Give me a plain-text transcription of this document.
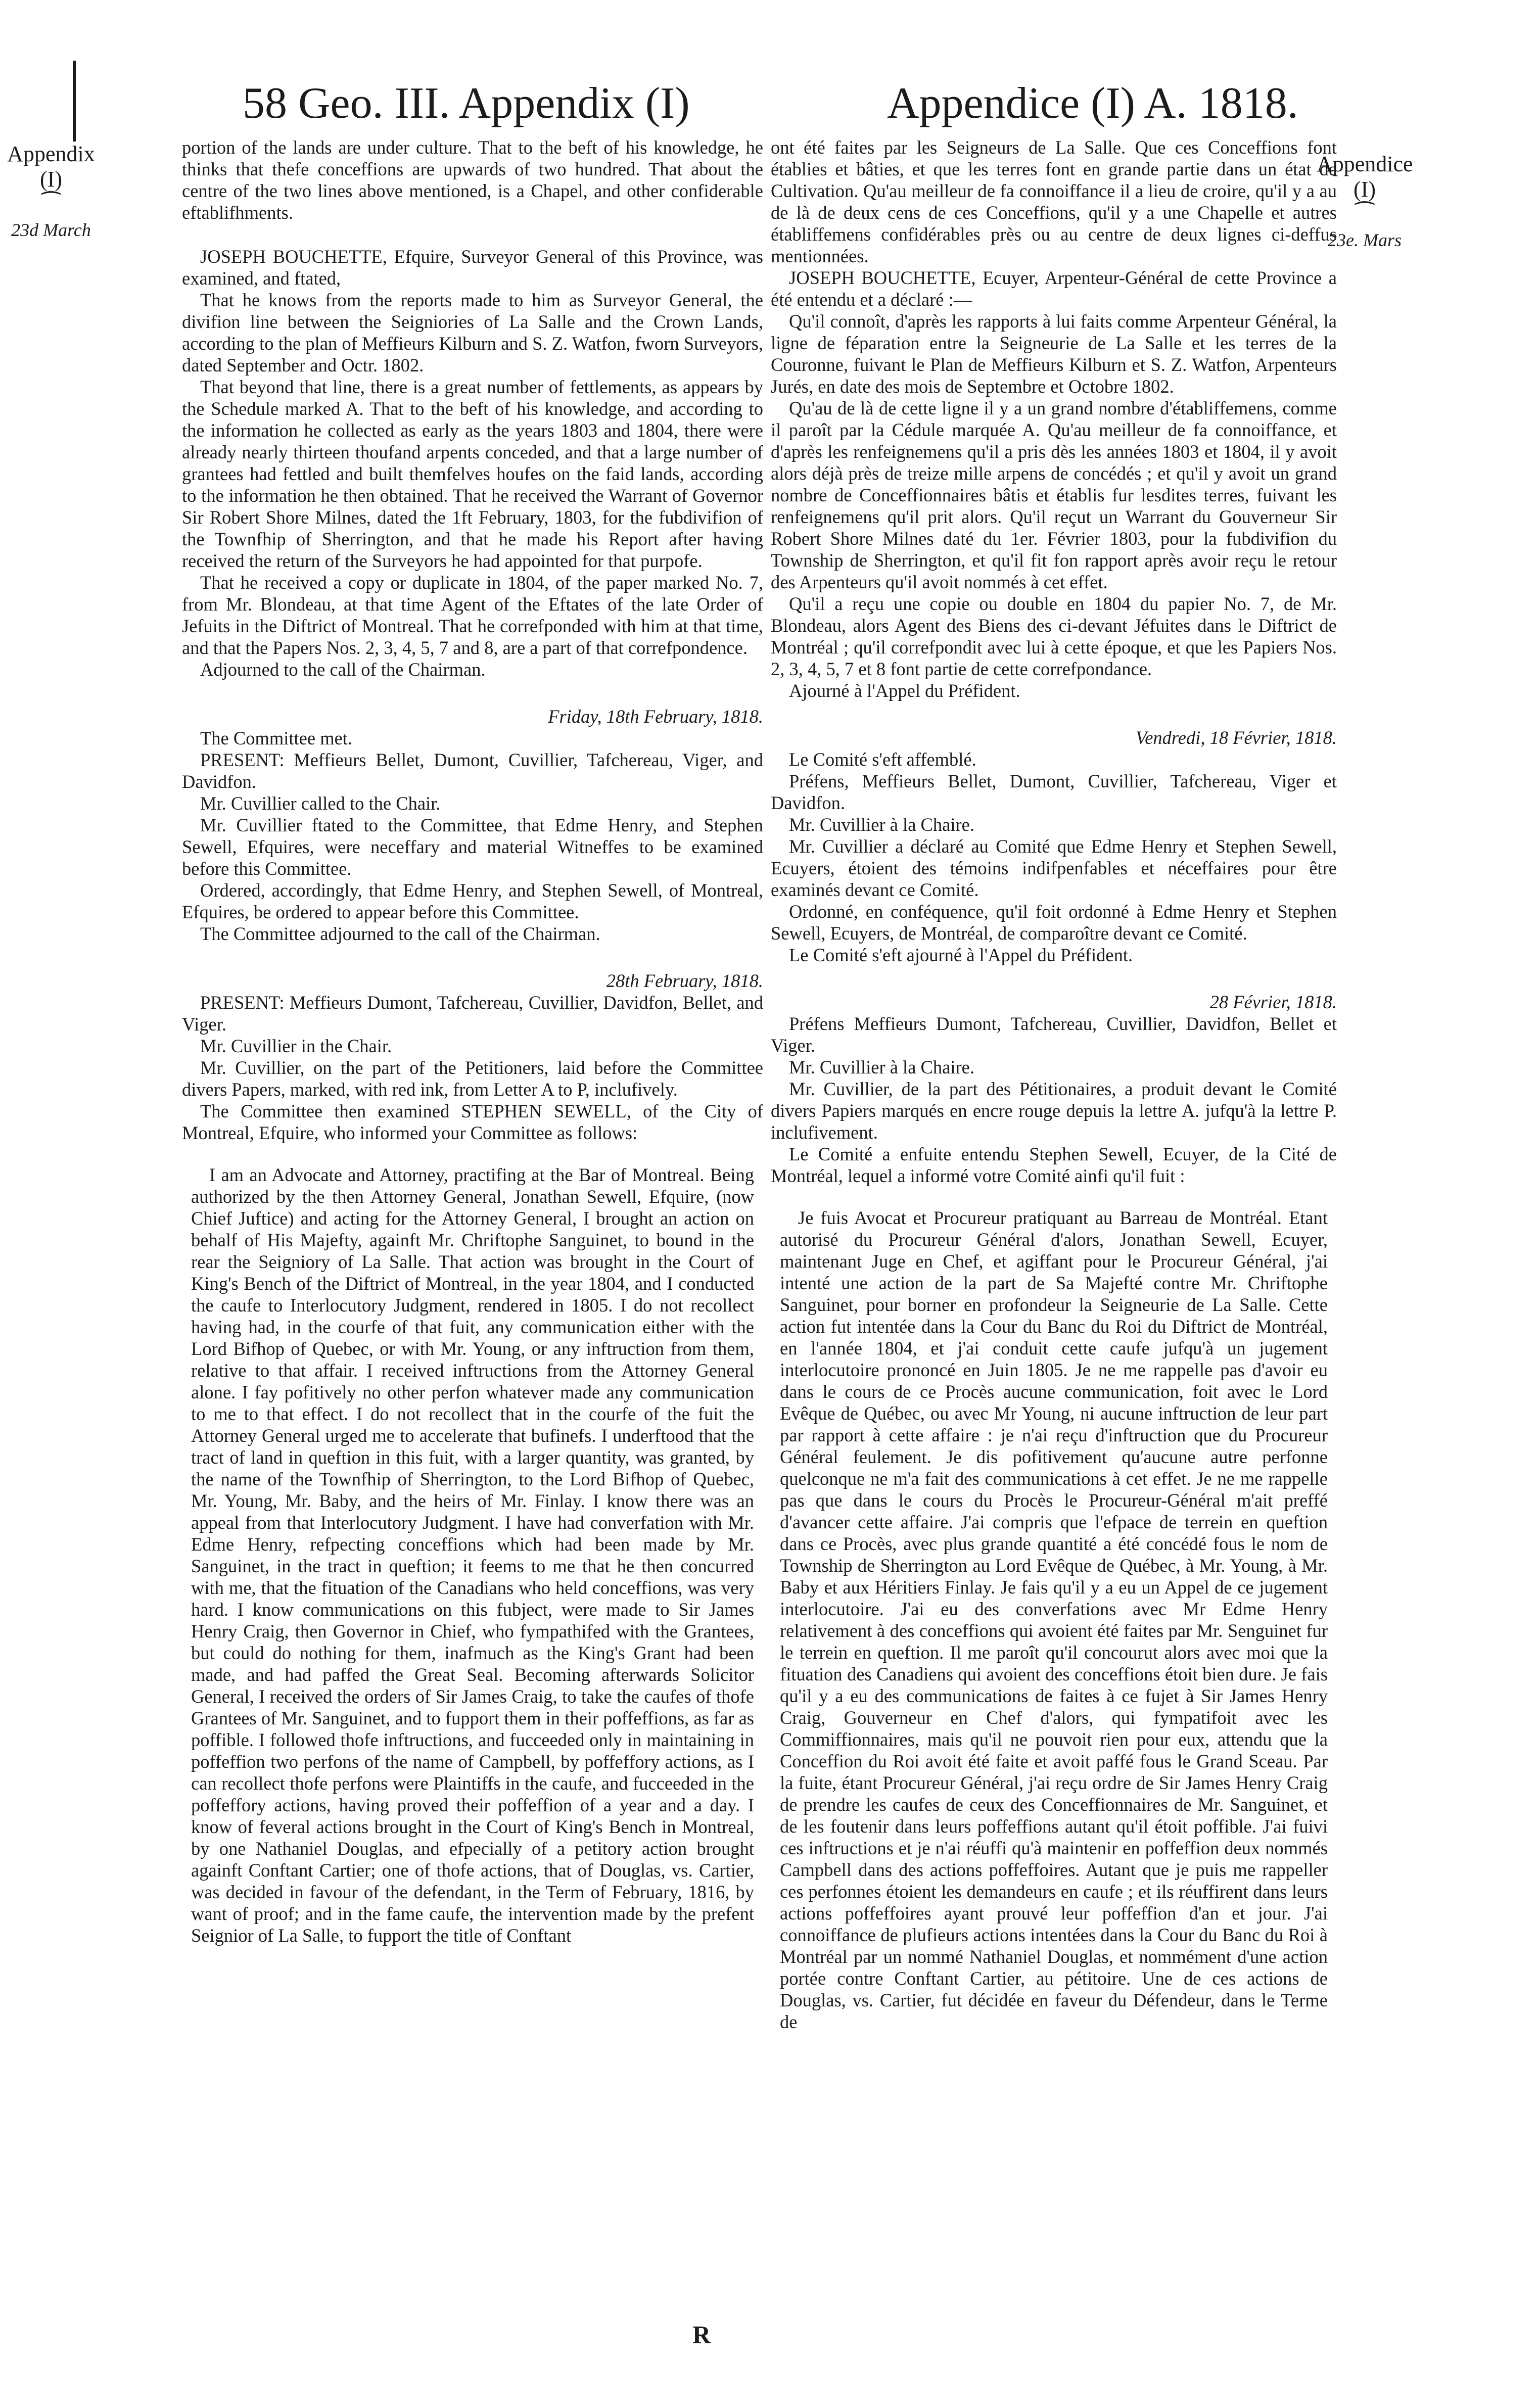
58 Geo. III. Appendix (I)	Appendice (I) A. 1818.
Appendix
(I)
⁀
23d March
Appendice
(I)
⁀
23e. Mars

portion of the lands are under culture. That to the beft of his knowledge, he thinks that thefe conceffions are upwards of two hundred. That about the centre of the two lines above mentioned, is a Chapel, and other confiderable eftablifhments.

JOSEPH BOUCHETTE, Efquire, Surveyor General of this Province, was examined, and ftated,

That he knows from the reports made to him as Surveyor General, the divifion line between the Seigniories of La Salle and the Crown Lands, according to the plan of Meffieurs Kilburn and S. Z. Watfon, fworn Surveyors, dated September and Octr. 1802.

That beyond that line, there is a great number of fettlements, as appears by the Schedule marked A. That to the beft of his knowledge, and according to the information he collected as early as the years 1803 and 1804, there were already nearly thirteen thoufand arpents conceded, and that a large number of grantees had fettled and built themfelves houfes on the faid lands, according to the information he then obtained. That he received the Warrant of Governor Sir Robert Shore Milnes, dated the 1ft February, 1803, for the fubdivifion of the Townfhip of Sherrington, and that he made his Report after having received the return of the Surveyors he had appointed for that purpofe.

That he received a copy or duplicate in 1804, of the paper marked No. 7, from Mr. Blondeau, at that time Agent of the Eftates of the late Order of Jefuits in the Diftrict of Montreal. That he correfponded with him at that time, and that the Papers Nos. 2, 3, 4, 5, 7 and 8, are a part of that correfpondence.

Adjourned to the call of the Chairman.

Friday, 18th February, 1818.

The Committee met.

PRESENT: Meffieurs Bellet, Dumont, Cuvillier, Tafchereau, Viger, and Davidfon.

Mr. Cuvillier called to the Chair.

Mr. Cuvillier ftated to the Committee, that Edme Henry, and Stephen Sewell, Efquires, were neceffary and material Witneffes to be examined before this Committee.

Ordered, accordingly, that Edme Henry, and Stephen Sewell, of Montreal, Efquires, be ordered to appear before this Committee.

The Committee adjourned to the call of the Chairman.

28th February, 1818.

PRESENT: Meffieurs Dumont, Tafchereau, Cuvillier, Davidfon, Bellet, and Viger.

Mr. Cuvillier in the Chair.

Mr. Cuvillier, on the part of the Petitioners, laid before the Committee divers Papers, marked, with red ink, from Letter A to P, inclufively.

The Committee then examined STEPHEN SEWELL, of the City of Montreal, Efquire, who informed your Committee as follows:

I am an Advocate and Attorney, practifing at the Bar of Montreal. Being authorized by the then Attorney General, Jonathan Sewell, Efquire, (now Chief Juftice) and acting for the Attorney General, I brought an action on behalf of His Majefty, againft Mr. Chriftophe Sanguinet, to bound in the rear the Seigniory of La Salle. That action was brought in the Court of King's Bench of the Diftrict of Montreal, in the year 1804, and I conducted the caufe to Interlocutory Judgment, rendered in 1805. I do not recollect having had, in the courfe of that fuit, any communication either with the Lord Bifhop of Quebec, or with Mr. Young, or any inftruction from them, relative to that affair. I received inftructions from the Attorney General alone. I fay pofitively no other perfon whatever made any communication to me to that effect. I do not recollect that in the courfe of the fuit the Attorney General urged me to accelerate that bufinefs. I underftood that the tract of land in queftion in this fuit, with a larger quantity, was granted, by the name of the Townfhip of Sherrington, to the Lord Bifhop of Quebec, Mr. Young, Mr. Baby, and the heirs of Mr. Finlay. I know there was an appeal from that Interlocutory Judgment. I have had converfation with Mr. Edme Henry, refpecting conceffions which had been made by Mr. Sanguinet, in the tract in queftion; it feems to me that he then concurred with me, that the fituation of the Canadians who held conceffions, was very hard. I know communications on this fubject, were made to Sir James Henry Craig, then Governor in Chief, who fympathifed with the Grantees, but could do nothing for them, inafmuch as the King's Grant had been made, and had paffed the Great Seal. Becoming afterwards Solicitor General, I received the orders of Sir James Craig, to take the caufes of thofe Grantees of Mr. Sanguinet, and to fupport them in their poffeffions, as far as poffible. I followed thofe inftructions, and fucceeded only in maintaining in poffeffion two perfons of the name of Campbell, by poffeffory actions, as I can recollect thofe perfons were Plaintiffs in the caufe, and fucceeded in the poffeffory actions, having proved their poffeffion of a year and a day. I know of feveral actions brought in the Court of King's Bench in Montreal, by one Nathaniel Douglas, and efpecially of a petitory action brought againft Conftant Cartier; one of thofe actions, that of Douglas, vs. Cartier, was decided in favour of the defendant, in the Term of February, 1816, by want of proof; and in the fame caufe, the intervention made by the prefent Seignior of La Salle, to fupport the title of Conftant

ont été faites par les Seigneurs de La Salle. Que ces Conceffions font établies et bâties, et que les terres font en grande partie dans un état de Cultivation. Qu'au meilleur de fa connoiffance il a lieu de croire, qu'il y a au de là de deux cens de ces Conceffions, qu'il y a une Chapelle et autres établiffemens confidérables près ou au centre de deux lignes ci-deffus mentionnées.

JOSEPH BOUCHETTE, Ecuyer, Arpenteur-Général de cette Province a été entendu et a déclaré :—

Qu'il connoît, d'après les rapports à lui faits comme Arpenteur Général, la ligne de féparation entre la Seigneurie de La Salle et les terres de la Couronne, fuivant le Plan de Meffieurs Kilburn et S. Z. Watfon, Arpenteurs Jurés, en date des mois de Septembre et Octobre 1802.

Qu'au de là de cette ligne il y a un grand nombre d'établiffemens, comme il paroît par la Cédule marquée A. Qu'au meilleur de fa connoiffance, et d'après les renfeignemens qu'il a pris dès les années 1803 et 1804, il y avoit alors déjà près de treize mille arpens de concédés ; et qu'il y avoit un grand nombre de Conceffionnaires bâtis et établis fur lesdites terres, fuivant les renfeignemens qu'il prit alors. Qu'il reçut un Warrant du Gouverneur Sir Robert Shore Milnes daté du 1er. Février 1803, pour la fubdivifion du Township de Sherrington, et qu'il fit fon rapport après avoir reçu le retour des Arpenteurs qu'il avoit nommés à cet effet.

Qu'il a reçu une copie ou double en 1804 du papier No. 7, de Mr. Blondeau, alors Agent des Biens des ci-devant Jéfuites dans le Diftrict de Montréal ; qu'il correfpondit avec lui à cette époque, et que les Papiers Nos. 2, 3, 4, 5, 7 et 8 font partie de cette correfpondance.

Ajourné à l'Appel du Préfident.

Vendredi, 18 Février, 1818.

Le Comité s'eft affemblé.

Préfens, Meffieurs Bellet, Dumont, Cuvillier, Tafchereau, Viger et Davidfon.

Mr. Cuvillier à la Chaire.

Mr. Cuvillier a déclaré au Comité que Edme Henry et Stephen Sewell, Ecuyers, étoient des témoins indifpenfables et néceffaires pour être examinés devant ce Comité.

Ordonné, en conféquence, qu'il foit ordonné à Edme Henry et Stephen Sewell, Ecuyers, de Montréal, de comparoître devant ce Comité.

Le Comité s'eft ajourné à l'Appel du Préfident.

28 Février, 1818.

Préfens Meffieurs Dumont, Tafchereau, Cuvillier, Davidfon, Bellet et Viger.

Mr. Cuvillier à la Chaire.

Mr. Cuvillier, de la part des Pétitionaires, a produit devant le Comité divers Papiers marqués en encre rouge depuis la lettre A. jufqu'à la lettre P. inclufivement.

Le Comité a enfuite entendu Stephen Sewell, Ecuyer, de la Cité de Montréal, lequel a informé votre Comité ainfi qu'il fuit :

Je fuis Avocat et Procureur pratiquant au Barreau de Montréal. Etant autorisé du Procureur Général d'alors, Jonathan Sewell, Ecuyer, maintenant Juge en Chef, et agiffant pour le Procureur Général, j'ai intenté une action de la part de Sa Majefté contre Mr. Chriftophe Sanguinet, pour borner en profondeur la Seigneurie de La Salle. Cette action fut intentée dans la Cour du Banc du Roi du Diftrict de Montréal, en l'année 1804, et j'ai conduit cette caufe jufqu'à un jugement interlocutoire prononcé en Juin 1805. Je ne me rappelle pas d'avoir eu dans le cours de ce Procès aucune communication, foit avec le Lord Evêque de Québec, ou avec Mr Young, ni aucune inftruction de leur part par rapport à cette affaire : je n'ai reçu d'inftruction que du Procureur Général feulement. Je dis pofitivement qu'aucune autre perfonne quelconque ne m'a fait des communications à cet effet. Je ne me rappelle pas que dans le cours du Procès le Procureur-Général m'ait preffé d'avancer cette affaire. J'ai compris que l'efpace de terrein en queftion dans ce Procès, avec plus grande quantité a été concédé fous le nom de Township de Sherrington au Lord Evêque de Québec, à Mr. Young, à Mr. Baby et aux Héritiers Finlay. Je fais qu'il y a eu un Appel de ce jugement interlocutoire. J'ai eu des converfations avec Mr Edme Henry relativement à des conceffions qui avoient été faites par Mr. Senguinet fur le terrein en queftion. Il me paroît qu'il concourut alors avec moi que la fituation des Canadiens qui avoient des conceffions étoit bien dure. Je fais qu'il y a eu des communications de faites à ce fujet à Sir James Henry Craig, Gouverneur en Chef d'alors, qui fympatifoit avec les Commiffionnaires, mais qu'il ne pouvoit rien pour eux, attendu que la Conceffion du Roi avoit été faite et avoit paffé fous le Grand Sceau. Par la fuite, étant Procureur Général, j'ai reçu ordre de Sir James Henry Craig de prendre les caufes de ceux des Conceffionnaires de Mr. Sanguinet, et de les foutenir dans leurs poffeffions autant qu'il étoit poffible. J'ai fuivi ces inftructions et je n'ai réuffi qu'à maintenir en poffeffion deux nommés Campbell dans des actions poffeffoires. Autant que je puis me rappeller ces perfonnes étoient les demandeurs en caufe ; et ils réuffirent dans leurs actions poffeffoires ayant prouvé leur poffeffion d'an et jour. J'ai connoiffance de plufieurs actions intentées dans la Cour du Banc du Roi à Montréal par un nommé Nathaniel Douglas, et nommément d'une action portée contre Conftant Cartier, au pétitoire. Une de ces actions de Douglas, vs. Cartier, fut décidée en faveur du Défendeur, dans le Terme de

R
